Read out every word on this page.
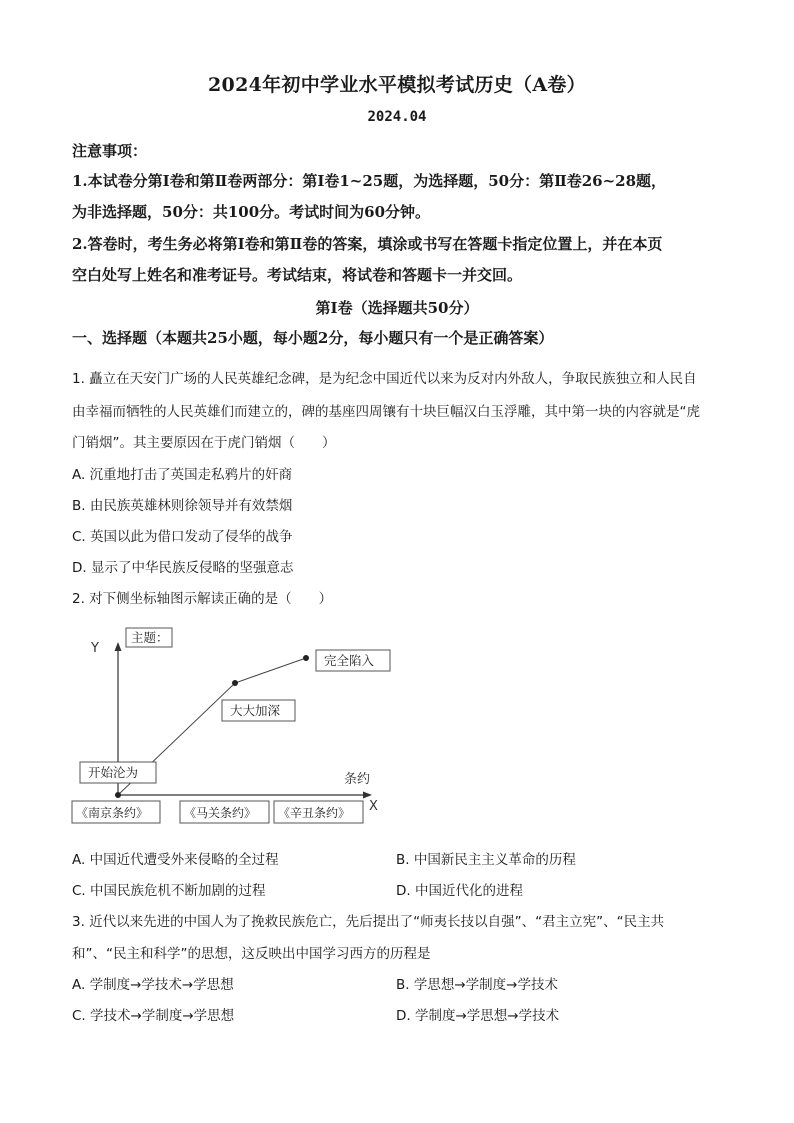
2024年初中学业水平模拟考试历史（A卷）
2024.04
注意事项：
1.本试卷分第Ⅰ卷和第Ⅱ卷两部分：第Ⅰ卷1~25题，为选择题，50分：第Ⅱ卷26~28题，
为非选择题，50分：共100分。考试时间为60分钟。
2.答卷时，考生务必将第Ⅰ卷和第Ⅱ卷的答案，填涂或书写在答题卡指定位置上，并在本页
空白处写上姓名和准考证号。考试结束，将试卷和答题卡一并交回。
第Ⅰ卷（选择题共50分）
一、选择题（本题共25小题，每小题2分，每小题只有一个是正确答案）
1. 矗立在天安门广场的人民英雄纪念碑，是为纪念中国近代以来为反对内外敌人，争取民族独立和人民自
由幸福而牺牲的人民英雄们而建立的，碑的基座四周镶有十块巨幅汉白玉浮雕，其中第一块的内容就是“虎
门销烟”。其主要原因在于虎门销烟（　　）
A. 沉重地打击了英国走私鸦片的奸商
B. 由民族英雄林则徐领导并有效禁烟
C. 英国以此为借口发动了侵华的战争
D. 显示了中华民族反侵略的坚强意志
2. 对下侧坐标轴图示解读正确的是（　　）
Y
X
条约
主题：
开始沦为
大大加深
完全陷入
《南京条约》	《马关条约》 《辛丑条约》
A. 中国近代遭受外来侵略的全过程	B. 中国新民主主义革命的历程
C. 中国民族危机不断加剧的过程	D. 中国近代化的进程
3. 近代以来先进的中国人为了挽救民族危亡，先后提出了“师夷长技以自强”、“君主立宪”、“民主共
和”、“民主和科学”的思想，这反映出中国学习西方的历程是
A. 学制度→学技术→学思想	B. 学思想→学制度→学技术
C. 学技术→学制度→学思想	D. 学制度→学思想→学技术
